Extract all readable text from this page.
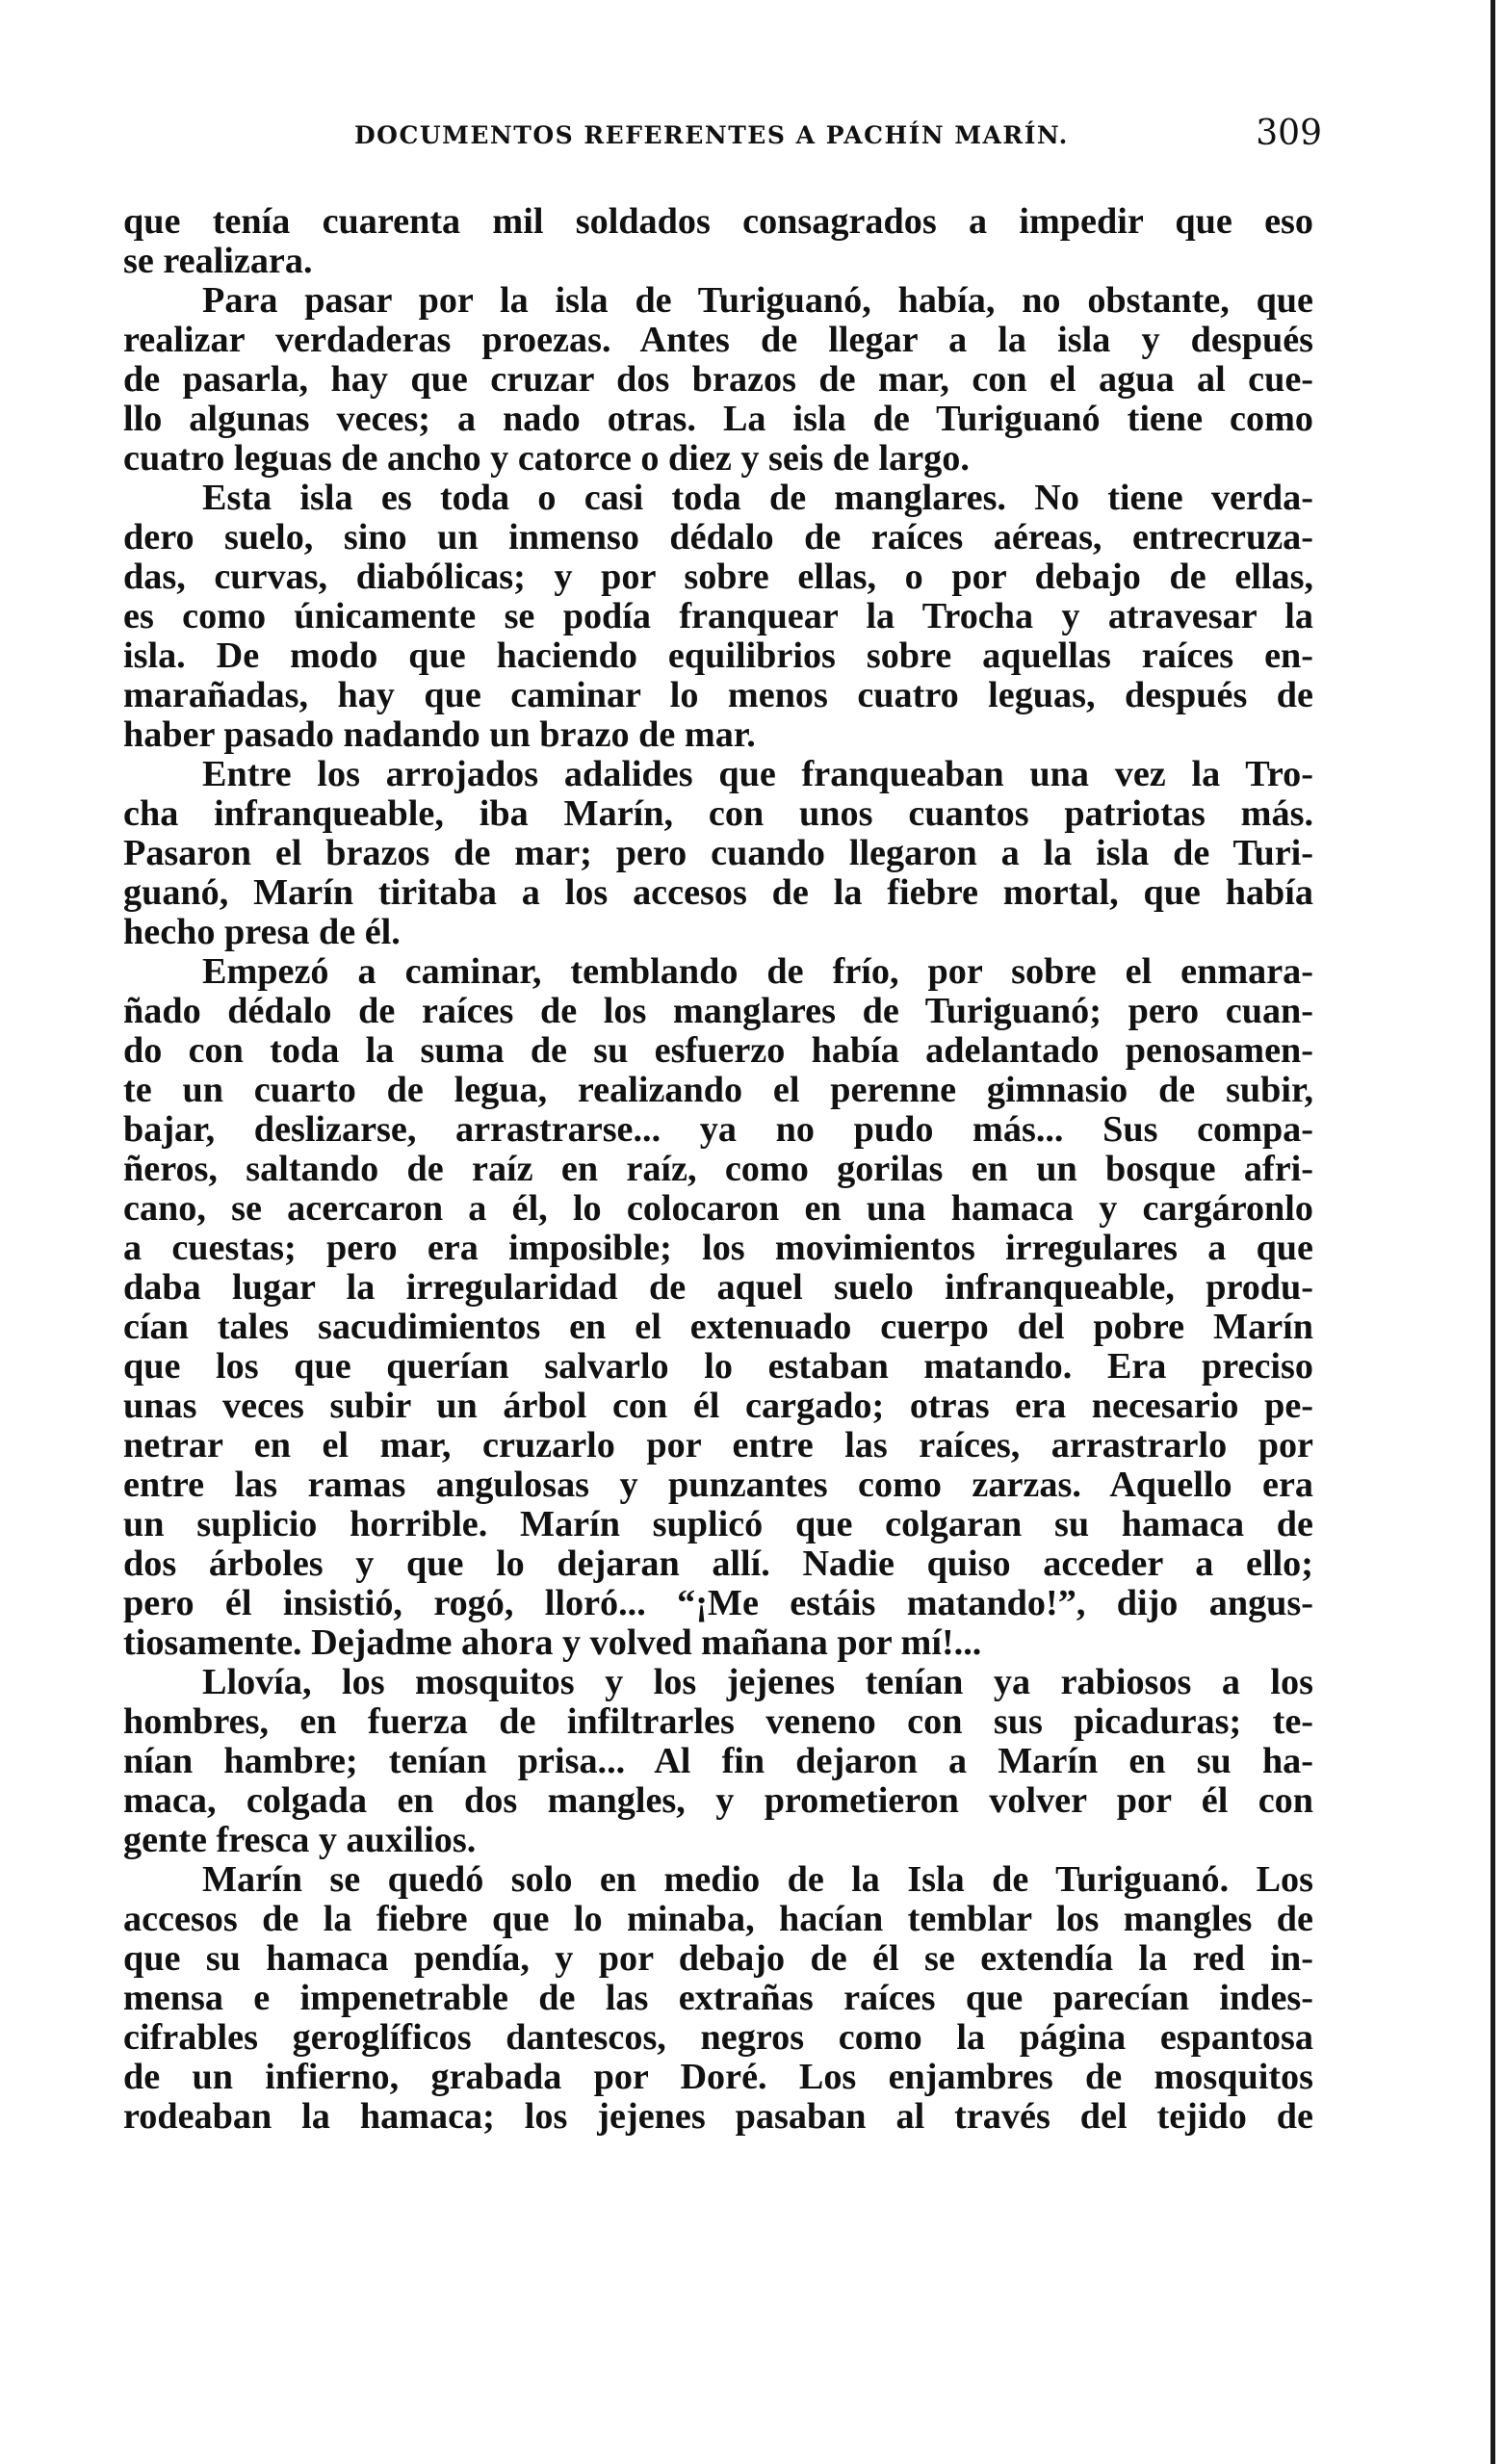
DOCUMENTOS REFERENTES A PACHÍN MARÍN.	309
que tenía cuarenta mil soldados consagrados a impedir que eso
se realizara.
Para pasar por la isla de Turiguanó, había, no obstante, que
realizar verdaderas proezas. Antes de llegar a la isla y después
de pasarla, hay que cruzar dos brazos de mar, con el agua al cue-
llo algunas veces; a nado otras. La isla de Turiguanó tiene como
cuatro leguas de ancho y catorce o diez y seis de largo.
Esta isla es toda o casi toda de manglares. No tiene verda-
dero suelo, sino un inmenso dédalo de raíces aéreas, entrecruza-
das, curvas, diabólicas; y por sobre ellas, o por debajo de ellas,
es como únicamente se podía franquear la Trocha y atravesar la
isla. De modo que haciendo equilibrios sobre aquellas raíces en-
marañadas, hay que caminar lo menos cuatro leguas, después de
haber pasado nadando un brazo de mar.
Entre los arrojados adalides que franqueaban una vez la Tro-
cha infranqueable, iba Marín, con unos cuantos patriotas más.
Pasaron el brazos de mar; pero cuando llegaron a la isla de Turi-
guanó, Marín tiritaba a los accesos de la fiebre mortal, que había
hecho presa de él.
Empezó a caminar, temblando de frío, por sobre el enmara-
ñado dédalo de raíces de los manglares de Turiguanó; pero cuan-
do con toda la suma de su esfuerzo había adelantado penosamen-
te un cuarto de legua, realizando el perenne gimnasio de subir,
bajar, deslizarse, arrastrarse... ya no pudo más... Sus compa-
ñeros, saltando de raíz en raíz, como gorilas en un bosque afri-
cano, se acercaron a él, lo colocaron en una hamaca y cargáronlo
a cuestas; pero era imposible; los movimientos irregulares a que
daba lugar la irregularidad de aquel suelo infranqueable, produ-
cían tales sacudimientos en el extenuado cuerpo del pobre Marín
que los que querían salvarlo lo estaban matando. Era preciso
unas veces subir un árbol con él cargado; otras era necesario pe-
netrar en el mar, cruzarlo por entre las raíces, arrastrarlo por
entre las ramas angulosas y punzantes como zarzas. Aquello era
un suplicio horrible. Marín suplicó que colgaran su hamaca de
dos árboles y que lo dejaran allí. Nadie quiso acceder a ello;
pero él insistió, rogó, lloró... “¡Me estáis matando!”, dijo angus-
tiosamente. Dejadme ahora y volved mañana por mí!...
Llovía, los mosquitos y los jejenes tenían ya rabiosos a los
hombres, en fuerza de infiltrarles veneno con sus picaduras; te-
nían hambre; tenían prisa... Al fin dejaron a Marín en su ha-
maca, colgada en dos mangles, y prometieron volver por él con
gente fresca y auxilios.
Marín se quedó solo en medio de la Isla de Turiguanó. Los
accesos de la fiebre que lo minaba, hacían temblar los mangles de
que su hamaca pendía, y por debajo de él se extendía la red in-
mensa e impenetrable de las extrañas raíces que parecían indes-
cifrables geroglíficos dantescos, negros como la página espantosa
de un infierno, grabada por Doré. Los enjambres de mosquitos
rodeaban la hamaca; los jejenes pasaban al través del tejido de
